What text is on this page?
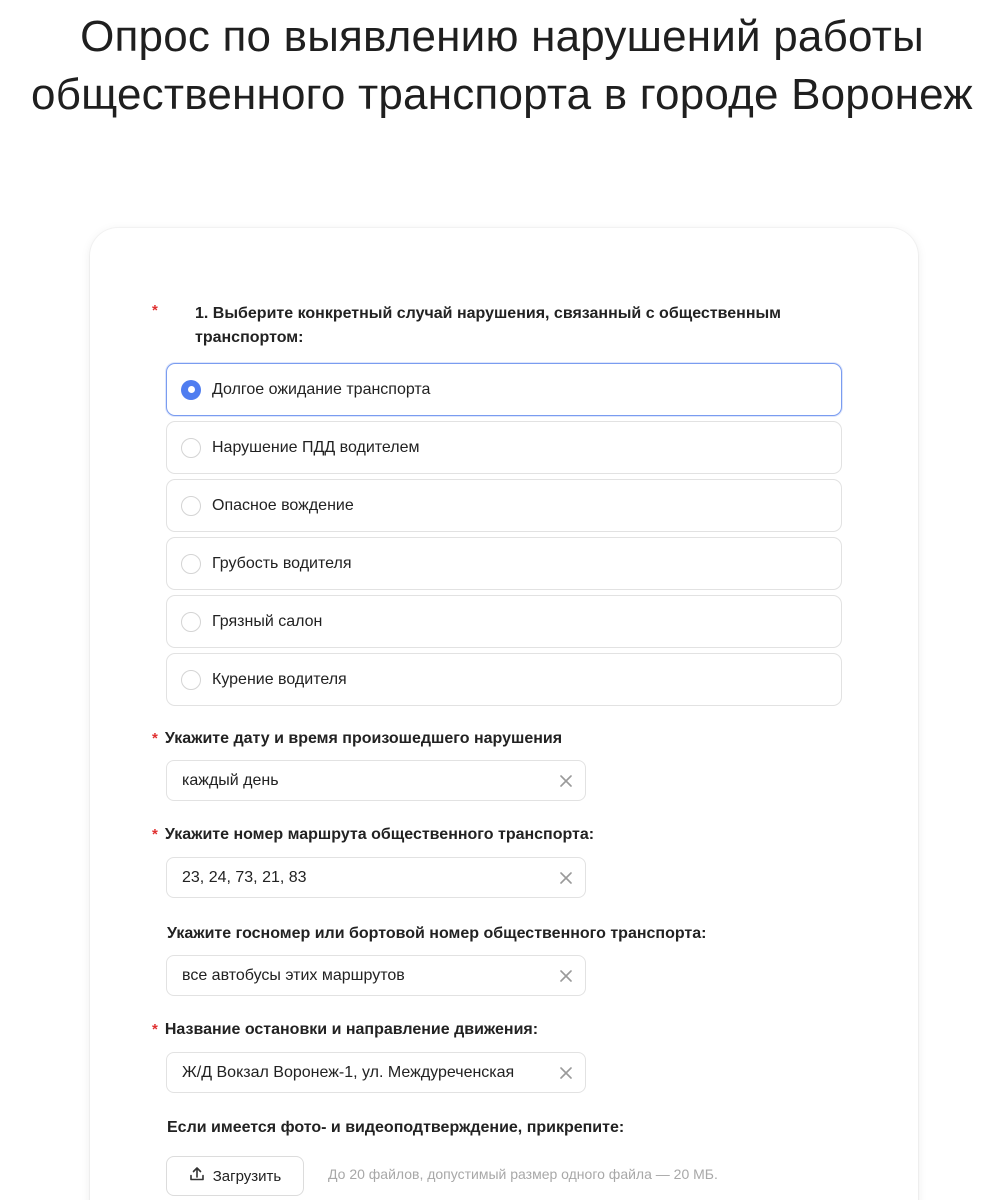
Опрос по выявлению нарушений работы общественного транспорта в городе Воронеж
* 1. Выберите конкретный случай нарушения, связанный с общественным транспортом:
Долгое ожидание транспорта
Нарушение ПДД водителем
Опасное вождение
Грубость водителя
Грязный салон
Курение водителя
* Укажите дату и время произошедшего нарушения
каждый день
* Укажите номер маршрута общественного транспорта:
23, 24, 73, 21, 83
Укажите госномер или бортовой номер общественного транспорта:
все автобусы этих маршрутов
* Название остановки и направление движения:
Ж/Д Вокзал Воронеж-1, ул. Междуреченская
Если имеется фото- и видеоподтверждение, прикрепите:
Загрузить	До 20 файлов, допустимый размер одного файла — 20 МБ.
